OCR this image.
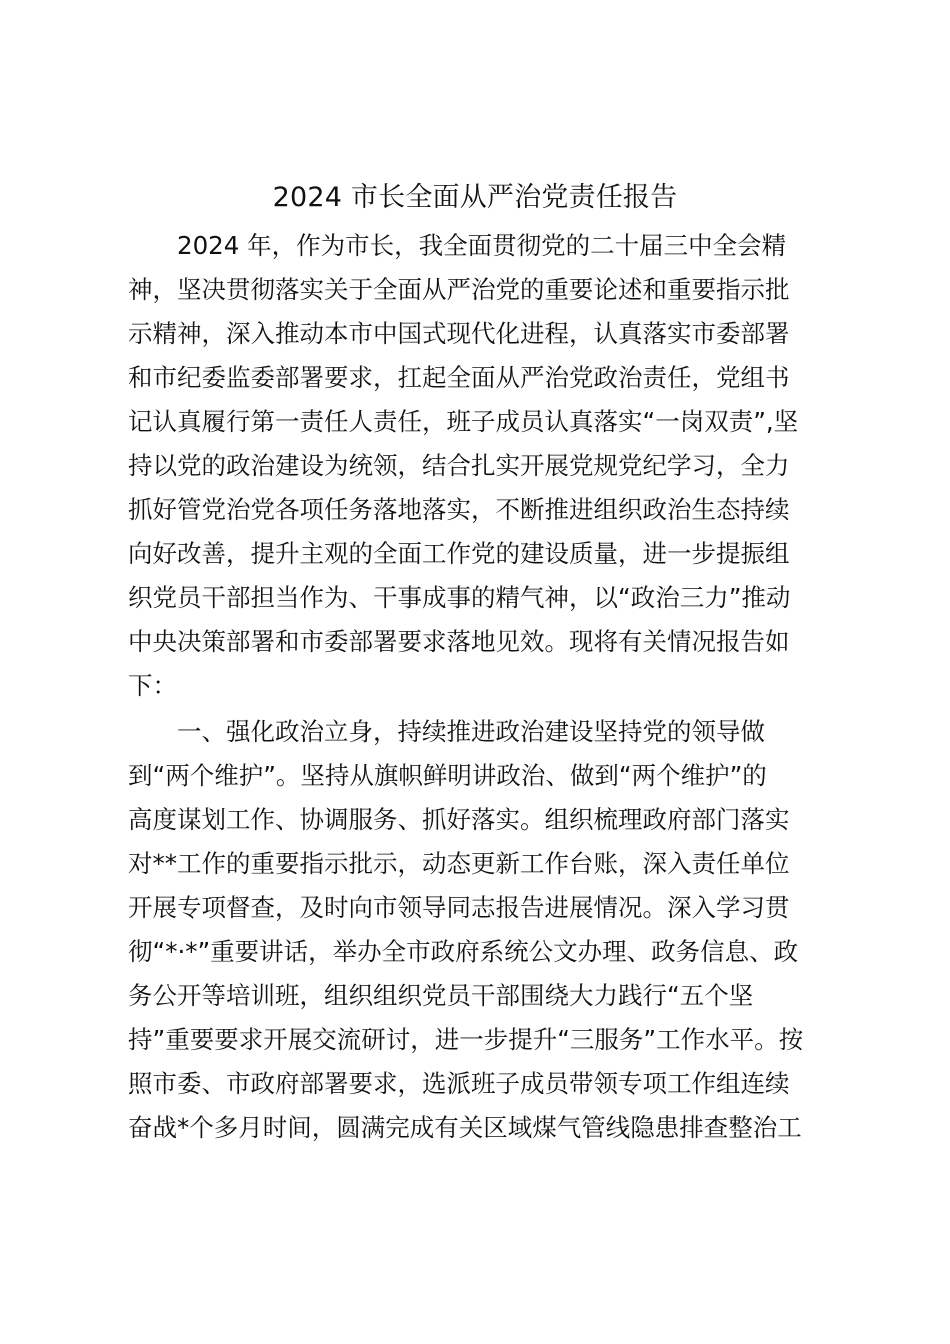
2024 市长全面从严治党责任报告
2024 年，作为市长，我全面贯彻党的二十届三中全会精
神，坚决贯彻落实关于全面从严治党的重要论述和重要指示批
示精神，深入推动本市中国式现代化进程，认真落实市委部署
和市纪委监委部署要求，扛起全面从严治党政治责任，党组书
记认真履行第一责任人责任，班子成员认真落实“一岗双责”,坚
持以党的政治建设为统领，结合扎实开展党规党纪学习，全力
抓好管党治党各项任务落地落实，不断推进组织政治生态持续
向好改善，提升主观的全面工作党的建设质量，进一步提振组
织党员干部担当作为、干事成事的精气神，以“政治三力”推动
中央决策部署和市委部署要求落地见效。现将有关情况报告如
下：
一、强化政治立身，持续推进政治建设坚持党的领导做
到“两个维护”。坚持从旗帜鲜明讲政治、做到“两个维护”的
高度谋划工作、协调服务、抓好落实。组织梳理政府部门落实
对**工作的重要指示批示，动态更新工作台账，深入责任单位
开展专项督查，及时向市领导同志报告进展情况。深入学习贯
彻“*·*”重要讲话，举办全市政府系统公文办理、政务信息、政
务公开等培训班，组织组织党员干部围绕大力践行“五个坚
持”重要要求开展交流研讨，进一步提升“三服务”工作水平。按
照市委、市政府部署要求，选派班子成员带领专项工作组连续
奋战*个多月时间，圆满完成有关区域煤气管线隐患排查整治工
